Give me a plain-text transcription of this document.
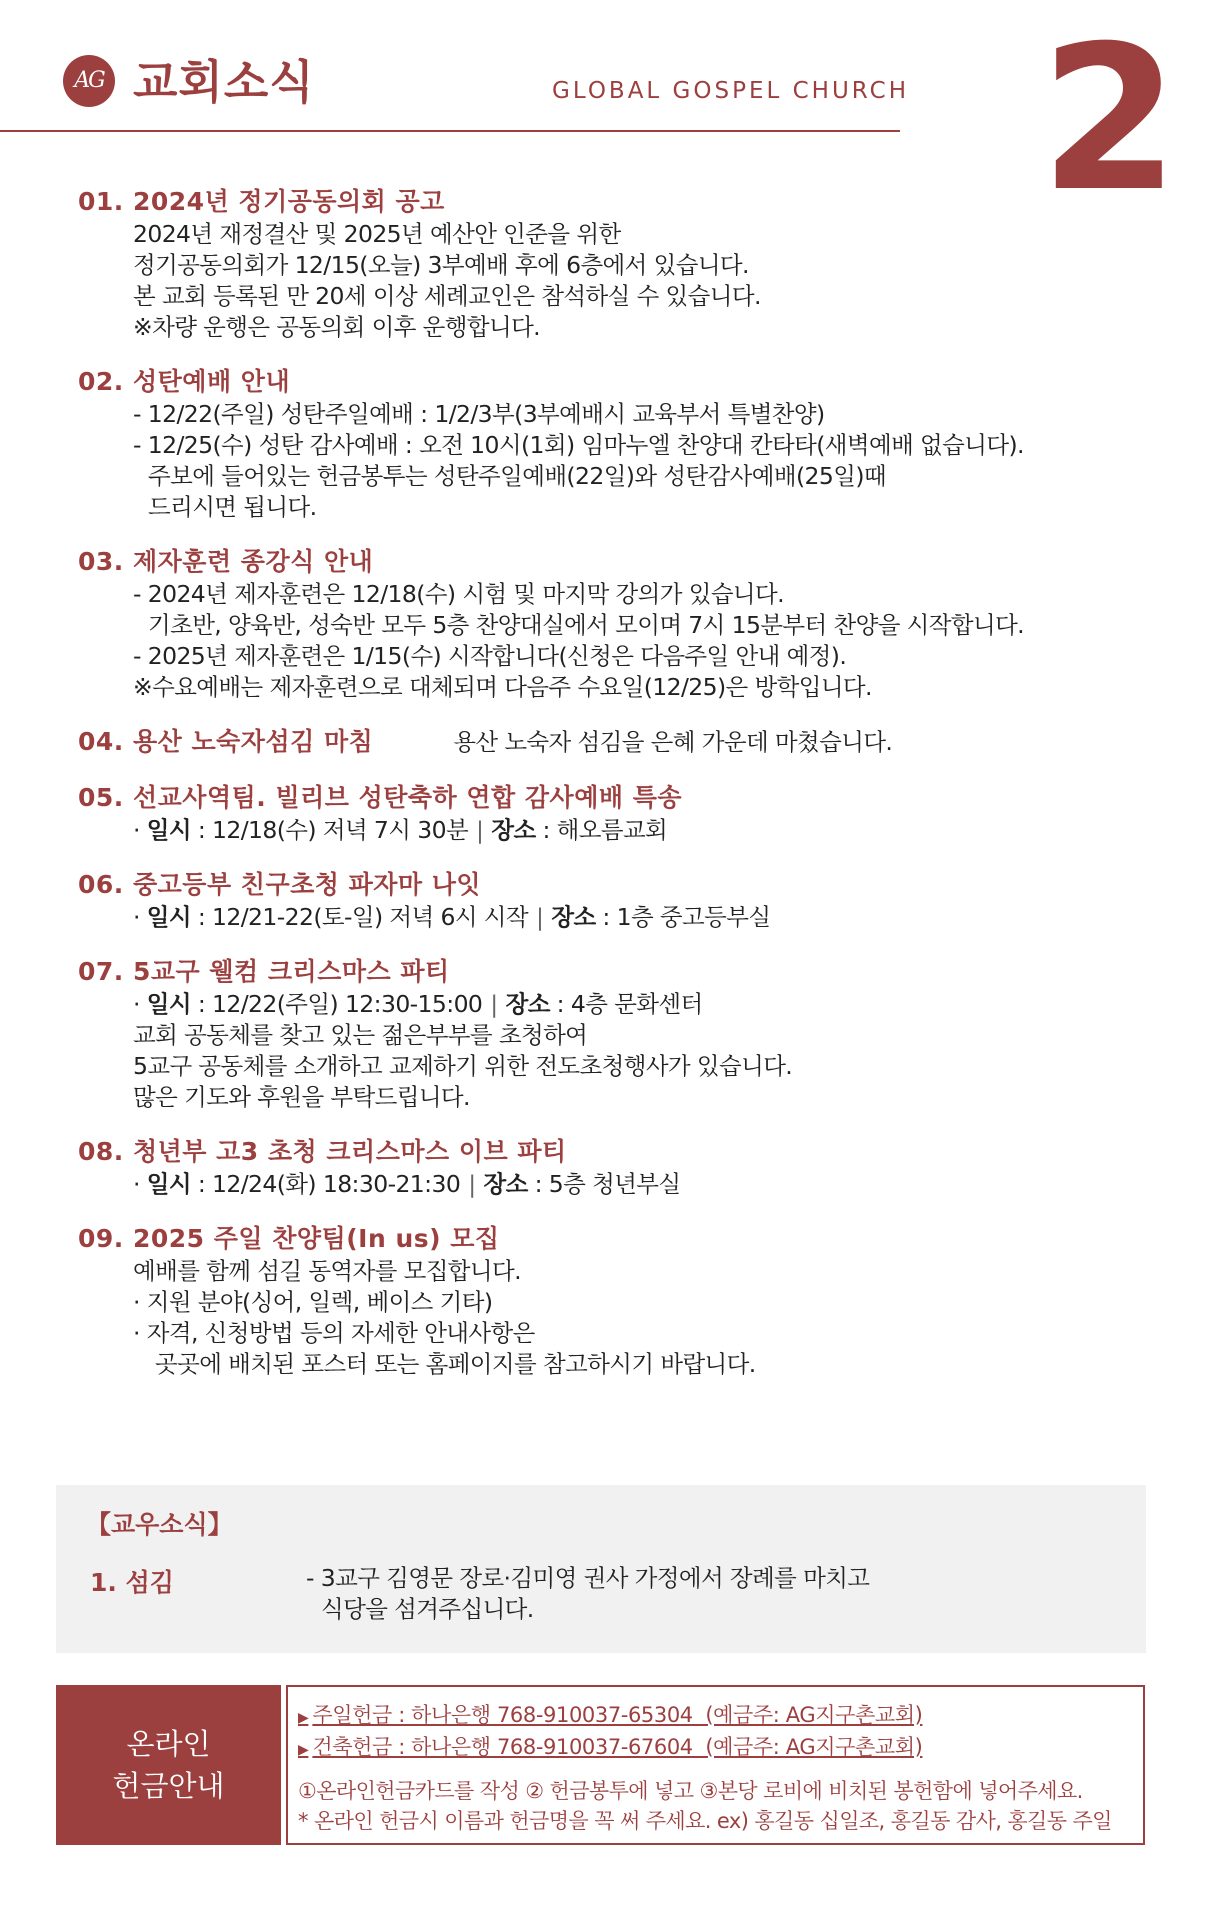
AG 교회소식	GLOBAL GOSPEL CHURCH 2
01. 2024년 정기공동의회 공고
2024년 재정결산 및 2025년 예산안 인준을 위한
정기공동의회가 12/15(오늘) 3부예배 후에 6층에서 있습니다.
본 교회 등록된 만 20세 이상 세례교인은 참석하실 수 있습니다.
※차량 운행은 공동의회 이후 운행합니다.
02. 성탄예배 안내
- 12/22(주일) 성탄주일예배 : 1/2/3부(3부예배시 교육부서 특별찬양)
- 12/25(수) 성탄 감사예배 : 오전 10시(1회) 임마누엘 찬양대 칸타타(새벽예배 없습니다).
주보에 들어있는 헌금봉투는 성탄주일예배(22일)와 성탄감사예배(25일)때
드리시면 됩니다.
03. 제자훈련 종강식 안내
- 2024년 제자훈련은 12/18(수) 시험 및 마지막 강의가 있습니다.
기초반, 양육반, 성숙반 모두 5층 찬양대실에서 모이며 7시 15분부터 찬양을 시작합니다.
- 2025년 제자훈련은 1/15(수) 시작합니다(신청은 다음주일 안내 예정).
※수요예배는 제자훈련으로 대체되며 다음주 수요일(12/25)은 방학입니다.
04. 용산 노숙자섬김 마침	용산 노숙자 섬김을 은혜 가운데 마쳤습니다.
05. 선교사역팀. 빌리브 성탄축하 연합 감사예배 특송
· 일시 : 12/18(수) 저녁 7시 30분 | 장소 : 해오름교회
06. 중고등부 친구초청 파자마 나잇
· 일시 : 12/21-22(토-일) 저녁 6시 시작 | 장소 : 1층 중고등부실
07. 5교구 웰컴 크리스마스 파티
· 일시 : 12/22(주일) 12:30-15:00 | 장소 : 4층 문화센터
교회 공동체를 찾고 있는 젊은부부를 초청하여
5교구 공동체를 소개하고 교제하기 위한 전도초청행사가 있습니다.
많은 기도와 후원을 부탁드립니다.
08. 청년부 고3 초청 크리스마스 이브 파티
· 일시 : 12/24(화) 18:30-21:30 | 장소 : 5층 청년부실
09. 2025 주일 찬양팀(In us) 모집
예배를 함께 섬길 동역자를 모집합니다.
· 지원 분야(싱어, 일렉, 베이스 기타)
· 자격, 신청방법 등의 자세한 안내사항은
곳곳에 배치된 포스터 또는 홈페이지를 참고하시기 바랍니다.
【교우소식】
1. 섬김	- 3교구 김영문 장로·김미영 권사 가정에서 장례를 마치고
식당을 섬겨주십니다.
온라인
헌금안내
▶ 주일헌금 : 하나은행 768-910037-65304  (예금주: AG지구촌교회)
▶ 건축헌금 : 하나은행 768-910037-67604  (예금주: AG지구촌교회)
①온라인헌금카드를 작성 ② 헌금봉투에 넣고 ③본당 로비에 비치된 봉헌함에 넣어주세요.
* 온라인 헌금시 이름과 헌금명을 꼭 써 주세요. ex) 홍길동 십일조, 홍길동 감사, 홍길동 주일
